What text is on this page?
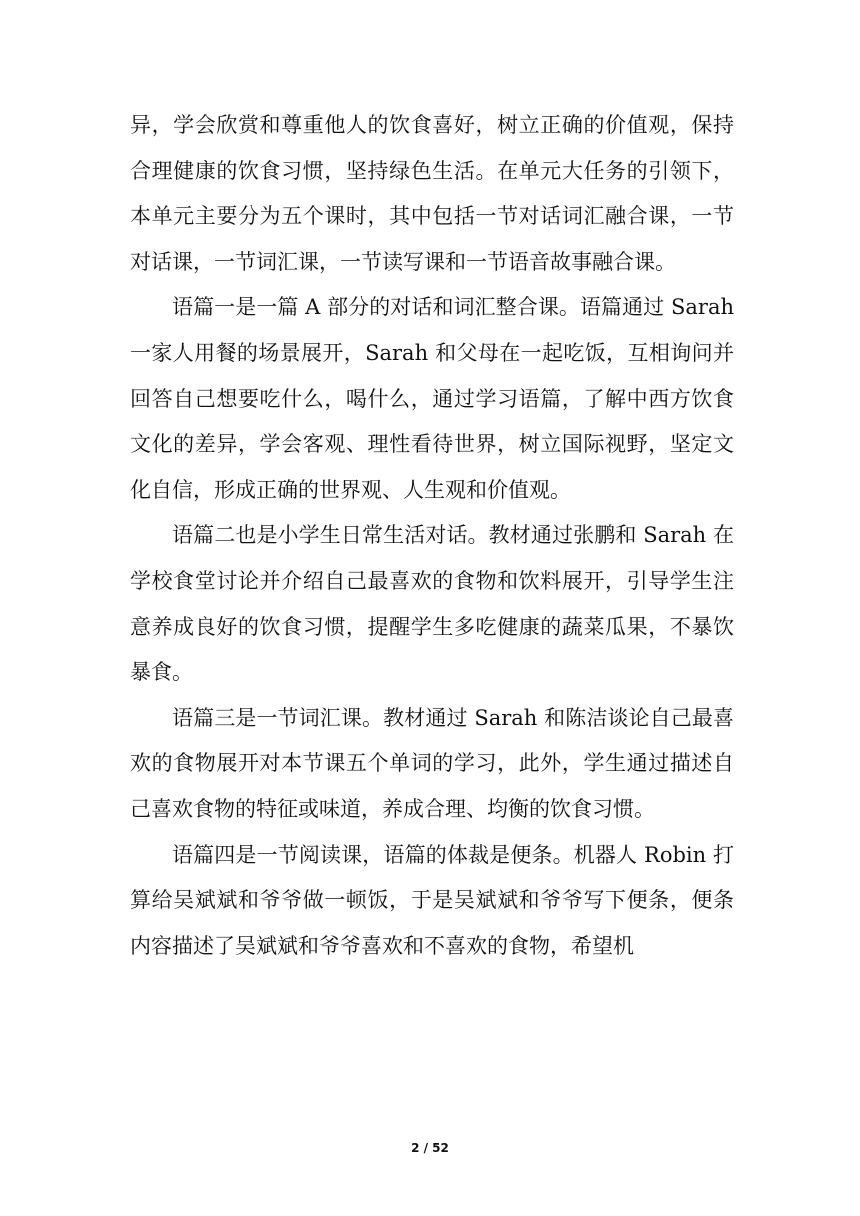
异，学会欣赏和尊重他人的饮食喜好，树立正确的价值观，保持合理健康的饮食习惯，坚持绿色生活。在单元大任务的引领下，本单元主要分为五个课时，其中包括一节对话词汇融合课，一节对话课，一节词汇课，一节读写课和一节语音故事融合课。

语篇一是一篇 A 部分的对话和词汇整合课。语篇通过 Sarah 一家人用餐的场景展开，Sarah 和父母在一起吃饭，互相询问并回答自己想要吃什么，喝什么，通过学习语篇，了解中西方饮食文化的差异，学会客观、理性看待世界，树立国际视野，坚定文化自信，形成正确的世界观、人生观和价值观。

语篇二也是小学生日常生活对话。教材通过张鹏和 Sarah 在学校食堂讨论并介绍自己最喜欢的食物和饮料展开，引导学生注意养成良好的饮食习惯，提醒学生多吃健康的蔬菜瓜果，不暴饮暴食。

语篇三是一节词汇课。教材通过 Sarah 和陈洁谈论自己最喜欢的食物展开对本节课五个单词的学习，此外，学生通过描述自己喜欢食物的特征或味道，养成合理、均衡的饮食习惯。

语篇四是一节阅读课，语篇的体裁是便条。机器人 Robin 打算给吴斌斌和爷爷做一顿饭，于是吴斌斌和爷爷写下便条，便条内容描述了吴斌斌和爷爷喜欢和不喜欢的食物，希望机

2 / 52
